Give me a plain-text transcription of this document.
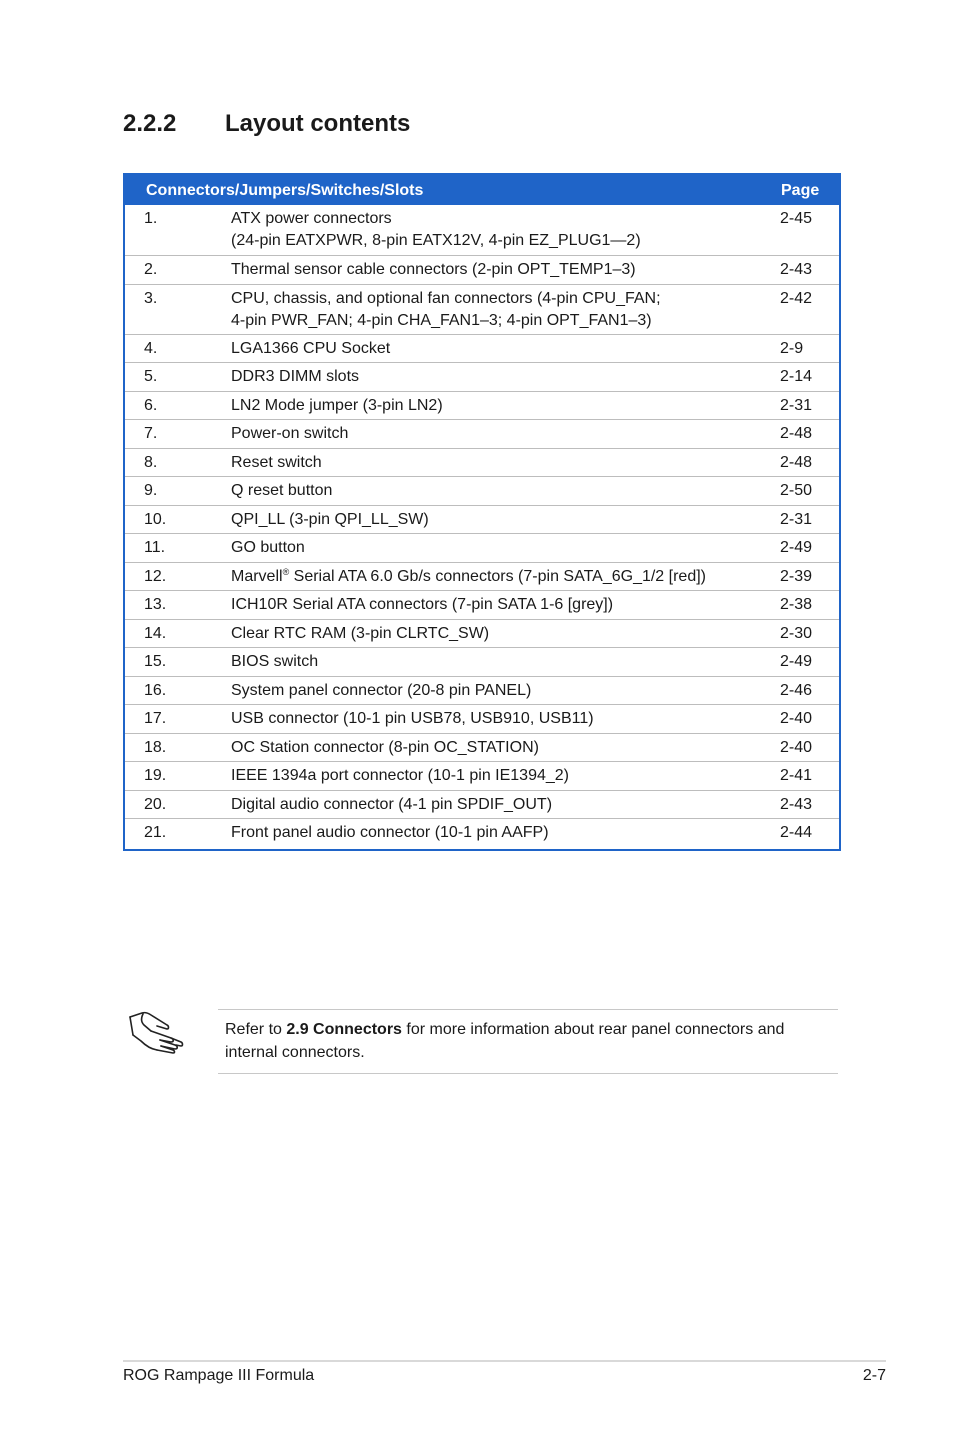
2.2.2	Layout contents
Connectors/Jumpers/Switches/Slots	Page
1.	ATX power connectors
(24-pin EATXPWR, 8-pin EATX12V, 4-pin EZ_PLUG1—2)
2-45
2.	Thermal sensor cable connectors (2-pin OPT_TEMP1–3)	2-43
3.	CPU, chassis, and optional fan connectors (4-pin CPU_FAN;
4-pin PWR_FAN; 4-pin CHA_FAN1–3; 4-pin OPT_FAN1–3)
2-42
4.	LGA1366 CPU Socket	2-9
5.	DDR3 DIMM slots	2-14
6.	LN2 Mode jumper (3-pin LN2)	2-31
7.	Power-on switch	2-48
8.	Reset switch	2-48
9.	Q reset button	2-50
10.	QPI_LL (3-pin QPI_LL_SW)	2-31
11.	GO button	2-49
12.	Marvell® Serial ATA 6.0 Gb/s connectors (7-pin SATA_6G_1/2 [red])	2-39
13.	ICH10R Serial ATA connectors (7-pin SATA 1-6 [grey])	2-38
14.	Clear RTC RAM (3-pin CLRTC_SW)	2-30
15.	BIOS switch	2-49
16.	System panel connector (20-8 pin PANEL)	2-46
17.	USB connector (10-1 pin USB78, USB910, USB11)	2-40
18.	OC Station connector (8-pin OC_STATION)	2-40
19.	IEEE 1394a port connector (10-1 pin IE1394_2)	2-41
20.	Digital audio connector (4-1 pin SPDIF_OUT)	2-43
21.	Front panel audio connector (10-1 pin AAFP)	2-44
Refer to 2.9 Connectors for more information about rear panel connectors and internal connectors.
ROG Rampage III Formula	2-7
